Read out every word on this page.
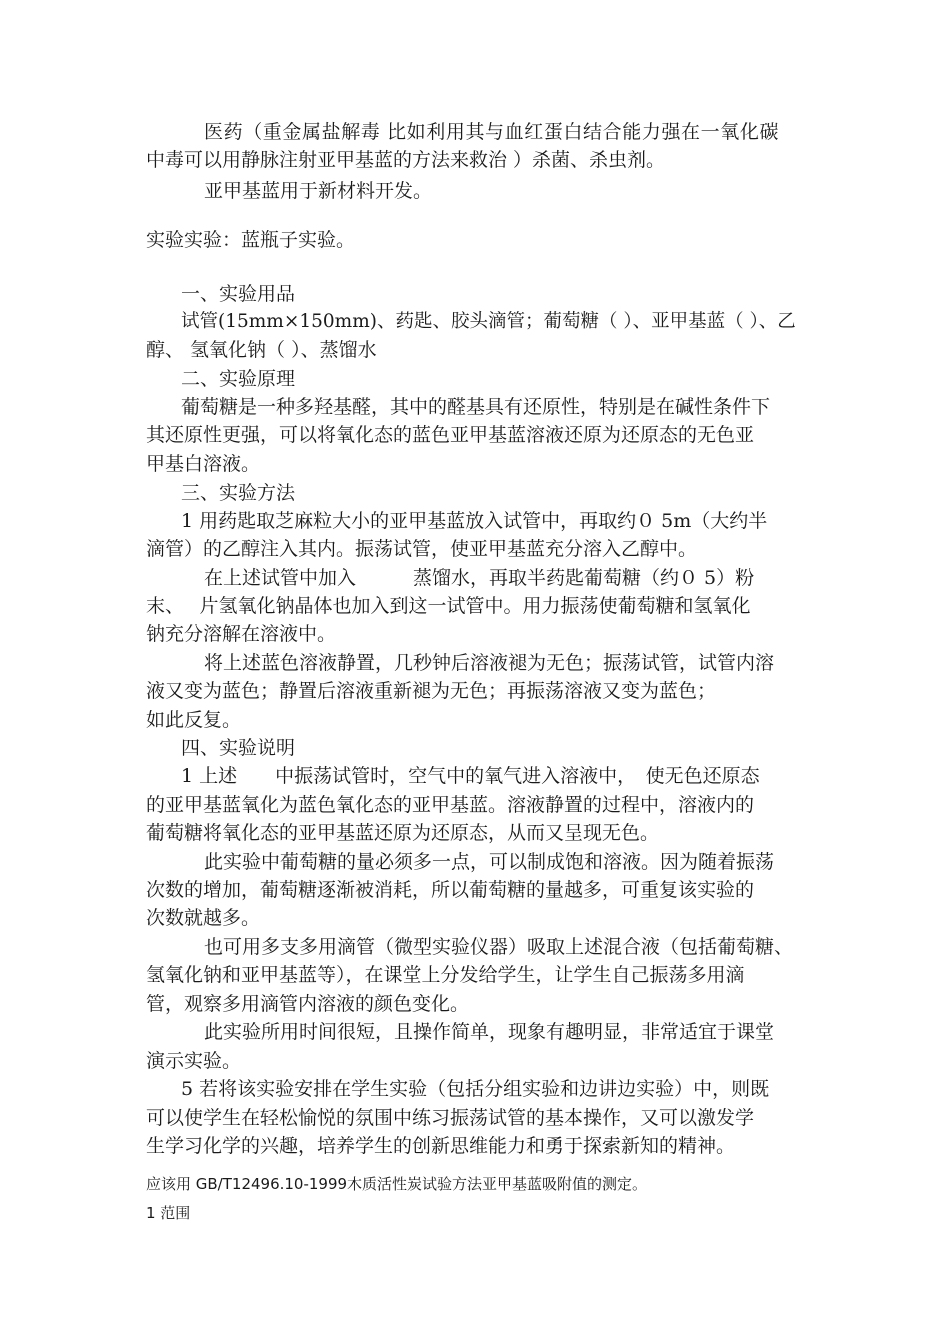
医药（重金属盐解毒 比如利用其与血红蛋白结合能力强在一氧化碳
中毒可以用静脉注射亚甲基蓝的方法来救治 ）杀菌、杀虫剂。
亚甲基蓝用于新材料开发。
实验实验：蓝瓶子实验。
一、实验用品
试管(15mm×150mm)、药匙、胶头滴管；葡萄糖（ ）、亚甲基蓝（ ）、乙
醇、 氢氧化钠（ ）、蒸馏水
二、实验原理
葡萄糖是一种多羟基醛，其中的醛基具有还原性，特别是在碱性条件下
其还原性更强，可以将氧化态的蓝色亚甲基蓝溶液还原为还原态的无色亚
甲基白溶液。
三、实验方法
1 用药匙取芝麻粒大小的亚甲基蓝放入试管中，再取约０ 5m（大约半
滴管）的乙醇注入其内。振荡试管，使亚甲基蓝充分溶入乙醇中。
在上述试管中加入　　　蒸馏水，再取半药匙葡萄糖（约０ 5）粉
末、　 片氢氧化钠晶体也加入到这一试管中。用力振荡使葡萄糖和氢氧化
钠充分溶解在溶液中。
将上述蓝色溶液静置，几秒钟后溶液褪为无色；振荡试管，试管内溶
液又变为蓝色；静置后溶液重新褪为无色；再振荡溶液又变为蓝色；
如此反复。
四、实验说明
1 上述　　中振荡试管时，空气中的氧气进入溶液中，　使无色还原态
的亚甲基蓝氧化为蓝色氧化态的亚甲基蓝。溶液静置的过程中，溶液内的
葡萄糖将氧化态的亚甲基蓝还原为还原态，从而又呈现无色。
此实验中葡萄糖的量必须多一点，可以制成饱和溶液。因为随着振荡
次数的增加，葡萄糖逐渐被消耗，所以葡萄糖的量越多，可重复该实验的
次数就越多。
也可用多支多用滴管（微型实验仪器）吸取上述混合液（包括葡萄糖、
氢氧化钠和亚甲基蓝等），在课堂上分发给学生，让学生自己振荡多用滴
管，观察多用滴管内溶液的颜色变化。
此实验所用时间很短，且操作简单，现象有趣明显，非常适宜于课堂
演示实验。
5 若将该实验安排在学生实验（包括分组实验和边讲边实验）中，则既
可以使学生在轻松愉悦的氛围中练习振荡试管的基本操作，又可以激发学
生学习化学的兴趣，培养学生的创新思维能力和勇于探索新知的精神。
应该用 GB/T12496.10-1999木质活性炭试验方法亚甲基蓝吸附值的测定。
1 范围
